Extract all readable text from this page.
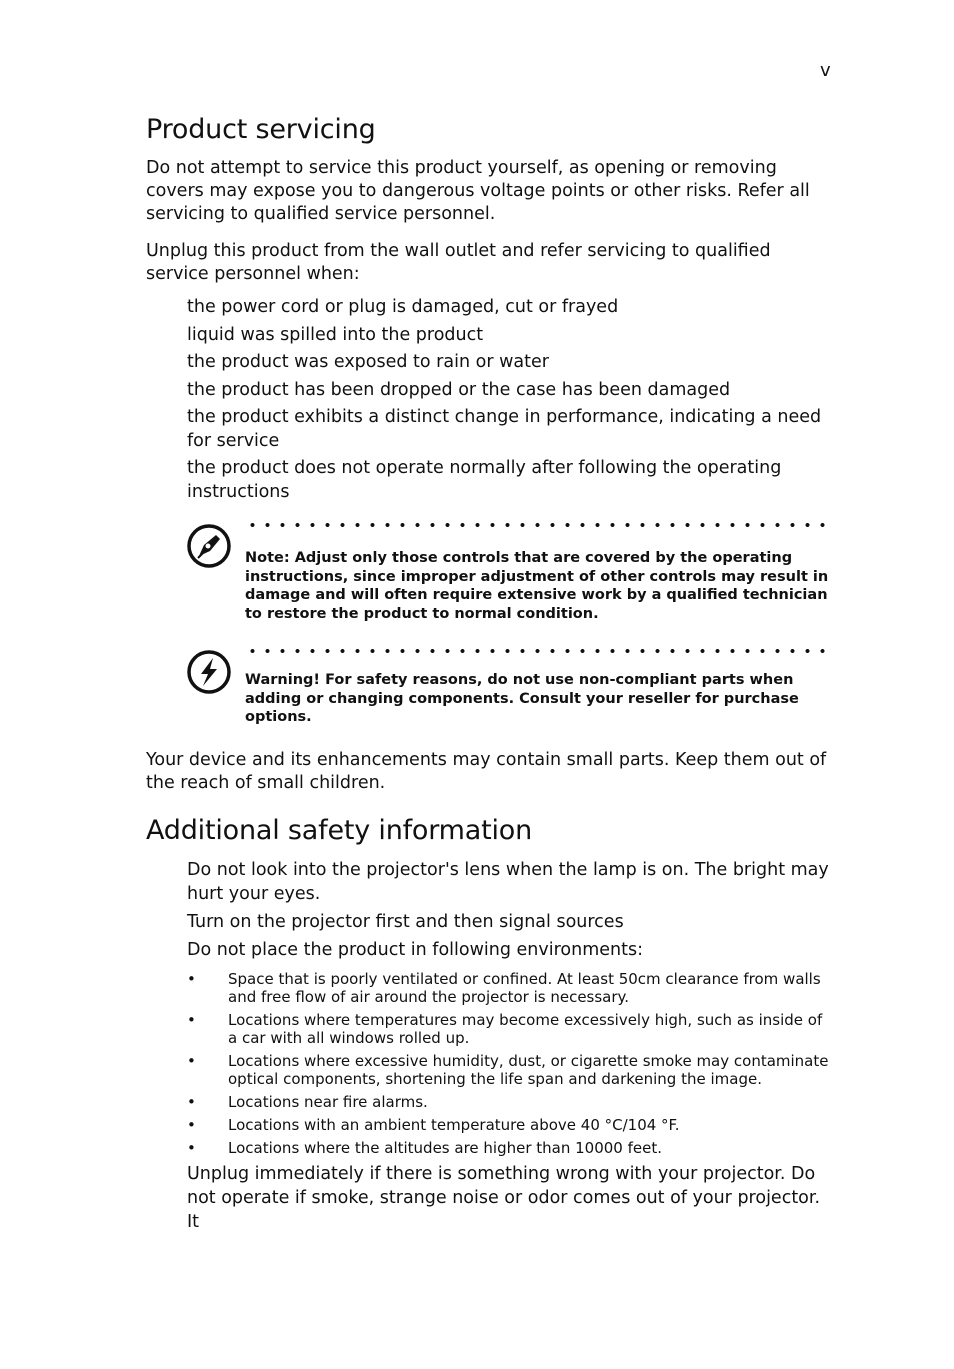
v
Product servicing

Do not attempt to service this product yourself, as opening or removing covers may expose you to dangerous voltage points or other risks. Refer all servicing to qualified service personnel.

Unplug this product from the wall outlet and refer servicing to qualified service personnel when:

the power cord or plug is damaged, cut or frayed
liquid was spilled into the product
the product was exposed to rain or water
the product has been dropped or the case has been damaged
the product exhibits a distinct change in performance, indicating a need for service
the product does not operate normally after following the operating instructions
Note: Adjust only those controls that are covered by the operating instructions, since improper adjustment of other controls may result in damage and will often require extensive work by a qualified technician to restore the product to normal condition.
Warning! For safety reasons, do not use non-compliant parts when adding or changing components. Consult your reseller for purchase options.

Your device and its enhancements may contain small parts. Keep them out of the reach of small children.

Additional safety information
Do not look into the projector's lens when the lamp is on. The bright may hurt your eyes.
Turn on the projector first and then signal sources
Do not place the product in following environments:
• Space that is poorly ventilated or confined. At least 50cm clearance from walls and free flow of air around the projector is necessary.
• Locations where temperatures may become excessively high, such as inside of a car with all windows rolled up.
• Locations where excessive humidity, dust, or cigarette smoke may contaminate optical components, shortening the life span and darkening the image.
• Locations near fire alarms.
• Locations with an ambient temperature above 40 °C/104 °F.
• Locations where the altitudes are higher than 10000 feet.
Unplug immediately if there is something wrong with your projector. Do not operate if smoke, strange noise or odor comes out of your projector. It
